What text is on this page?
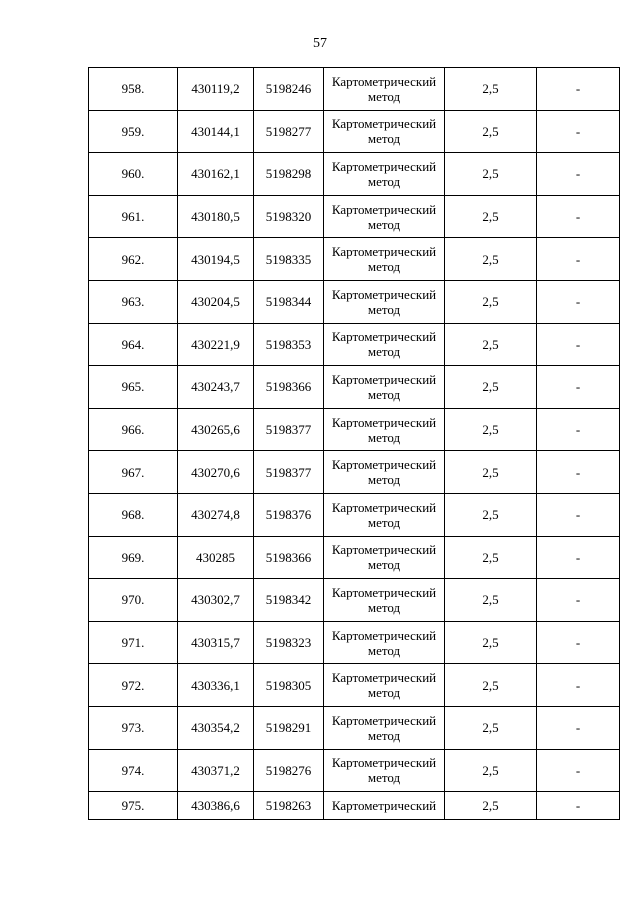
57
958.	430119,2	5198246	Картометрический метод	2,5	-
959.	430144,1	5198277	Картометрический метод	2,5	-
960.	430162,1	5198298	Картометрический метод	2,5	-
961.	430180,5	5198320	Картометрический метод	2,5	-
962.	430194,5	5198335	Картометрический метод	2,5	-
963.	430204,5	5198344	Картометрический метод	2,5	-
964.	430221,9	5198353	Картометрический метод	2,5	-
965.	430243,7	5198366	Картометрический метод	2,5	-
966.	430265,6	5198377	Картометрический метод	2,5	-
967.	430270,6	5198377	Картометрический метод	2,5	-
968.	430274,8	5198376	Картометрический метод	2,5	-
969.	430285	5198366	Картометрический метод	2,5	-
970.	430302,7	5198342	Картометрический метод	2,5	-
971.	430315,7	5198323	Картометрический метод	2,5	-
972.	430336,1	5198305	Картометрический метод	2,5	-
973.	430354,2	5198291	Картометрический метод	2,5	-
974.	430371,2	5198276	Картометрический метод	2,5	-
975.	430386,6	5198263	Картометрический	2,5	-
